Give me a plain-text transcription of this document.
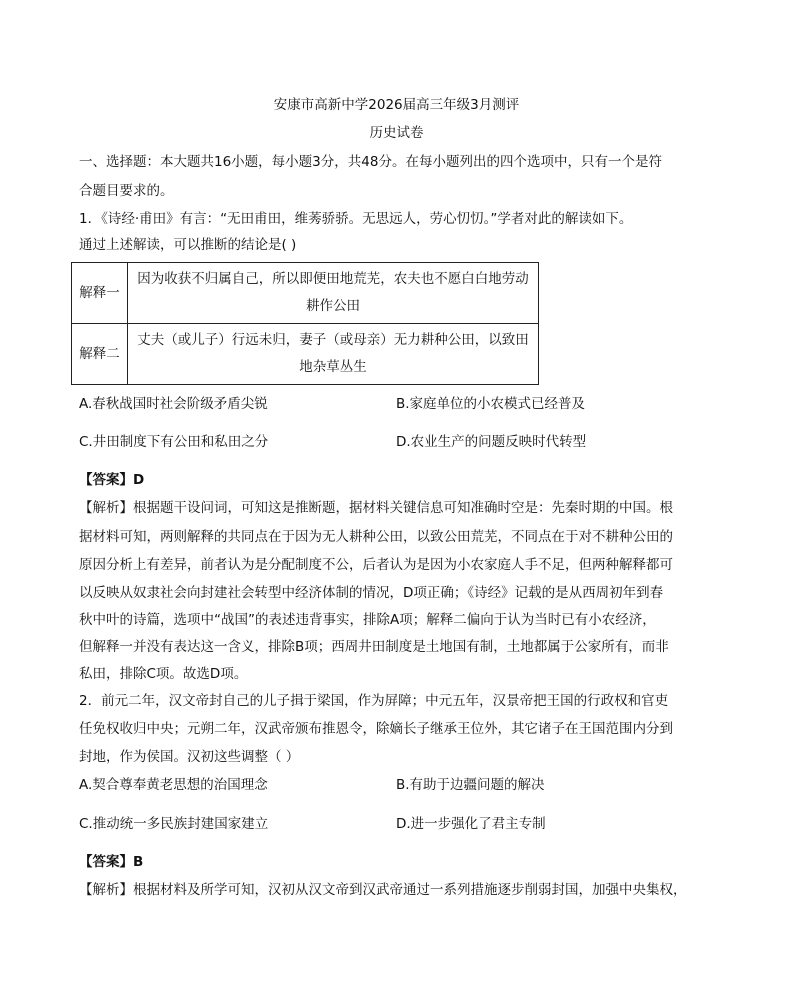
安康市高新中学2026届高三年级3月测评
历史试卷
一、选择题：本大题共16小题，每小题3分，共48分。在每小题列出的四个选项中，只有一个是符
合题目要求的。
1．《诗经·甫田》有言：“无田甫田，维莠骄骄。无思远人，劳心忉忉。”学者对此的解读如下。
通过上述解读，可以推断的结论是( )
解释一	因为收获不归属自己，所以即便田地荒芜，农夫也不愿白白地劳动耕作公田
解释二	丈夫（或儿子）行远未归，妻子（或母亲）无力耕种公田，以致田地杂草丛生
A.春秋战国时社会阶级矛盾尖锐	B.家庭单位的小农模式已经普及
C.井田制度下有公田和私田之分	D.农业生产的问题反映时代转型
【答案】D
【解析】根据题干设问词，可知这是推断题，据材料关键信息可知准确时空是：先秦时期的中国。根
据材料可知，两则解释的共同点在于因为无人耕种公田，以致公田荒芜，不同点在于对不耕种公田的
原因分析上有差异，前者认为是分配制度不公，后者认为是因为小农家庭人手不足，但两种解释都可
以反映从奴隶社会向封建社会转型中经济体制的情况，D项正确；《诗经》记载的是从西周初年到春
秋中叶的诗篇，选项中“战国”的表述违背事实，排除A项；解释二偏向于认为当时已有小农经济，
但解释一并没有表达这一含义，排除B项；西周井田制度是土地国有制，土地都属于公家所有，而非
私田，排除C项。故选D项。
2．前元二年，汉文帝封自己的儿子揖于梁国，作为屏障；中元五年，汉景帝把王国的行政权和官吏
任免权收归中央；元朔二年，汉武帝颁布推恩令，除嫡长子继承王位外，其它诸子在王国范围内分到
封地，作为侯国。汉初这些调整（ ）
A.契合尊奉黄老思想的治国理念	B.有助于边疆问题的解决
C.推动统一多民族封建国家建立	D.进一步强化了君主专制
【答案】B
【解析】根据材料及所学可知，汉初从汉文帝到汉武帝通过一系列措施逐步削弱封国，加强中央集权，
